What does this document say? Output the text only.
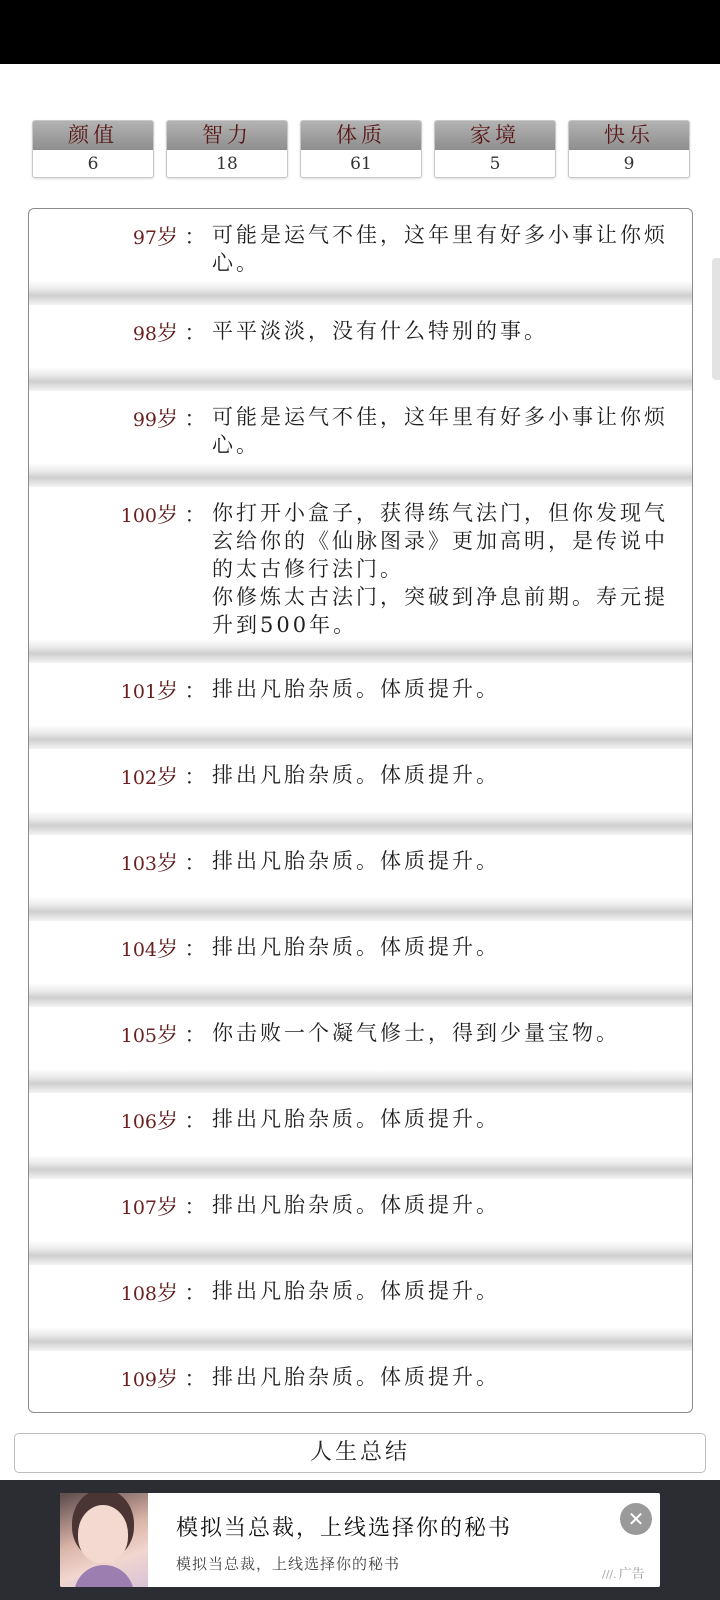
颜值
6
智力
18
体质
61
家境
5
快乐
9
97岁 ： 可能是运气不佳，这年里有好多小事让你烦心。
98岁 ： 平平淡淡，没有什么特别的事。
99岁 ： 可能是运气不佳，这年里有好多小事让你烦心。
100岁 ： 你打开小盒子，获得练气法门，但你发现气玄给你的《仙脉图录》更加高明，是传说中的太古修行法门。
你修炼太古法门，突破到净息前期。寿元提升到500年。
101岁 ： 排出凡胎杂质。体质提升。
102岁 ： 排出凡胎杂质。体质提升。
103岁 ： 排出凡胎杂质。体质提升。
104岁 ： 排出凡胎杂质。体质提升。
105岁 ： 你击败一个凝气修士，得到少量宝物。
106岁 ： 排出凡胎杂质。体质提升。
107岁 ： 排出凡胎杂质。体质提升。
108岁 ： 排出凡胎杂质。体质提升。
109岁 ： 排出凡胎杂质。体质提升。
人生总结
模拟当总裁，上线选择你的秘书
模拟当总裁，上线选择你的秘书
✕
///. 广告
